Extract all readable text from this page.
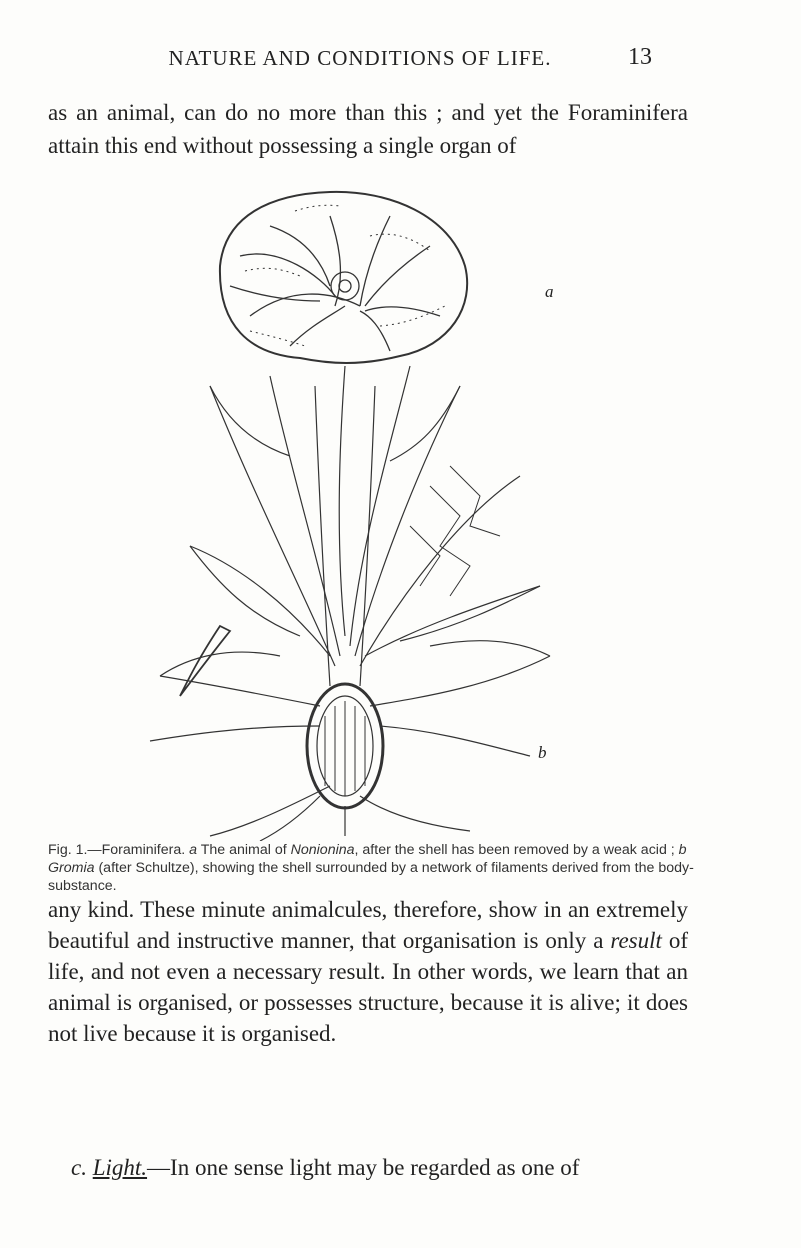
NATURE AND CONDITIONS OF LIFE.	13
as an animal, can do no more than this ; and yet the Foraminifera attain this end without possessing a single organ of
a
b
Fig. 1.—Foraminifera. a The animal of Nonionina, after the shell has been removed by a weak acid ; b Gromia (after Schultze), showing the shell surrounded by a network of filaments derived from the body-substance.
any kind. These minute animalcules, therefore, show in an extremely beautiful and instructive manner, that organisation is only a result of life, and not even a necessary result. In other words, we learn that an animal is organised, or possesses structure, because it is alive; it does not live because it is organised.
 c. Light.—In one sense light may be regarded as one of
